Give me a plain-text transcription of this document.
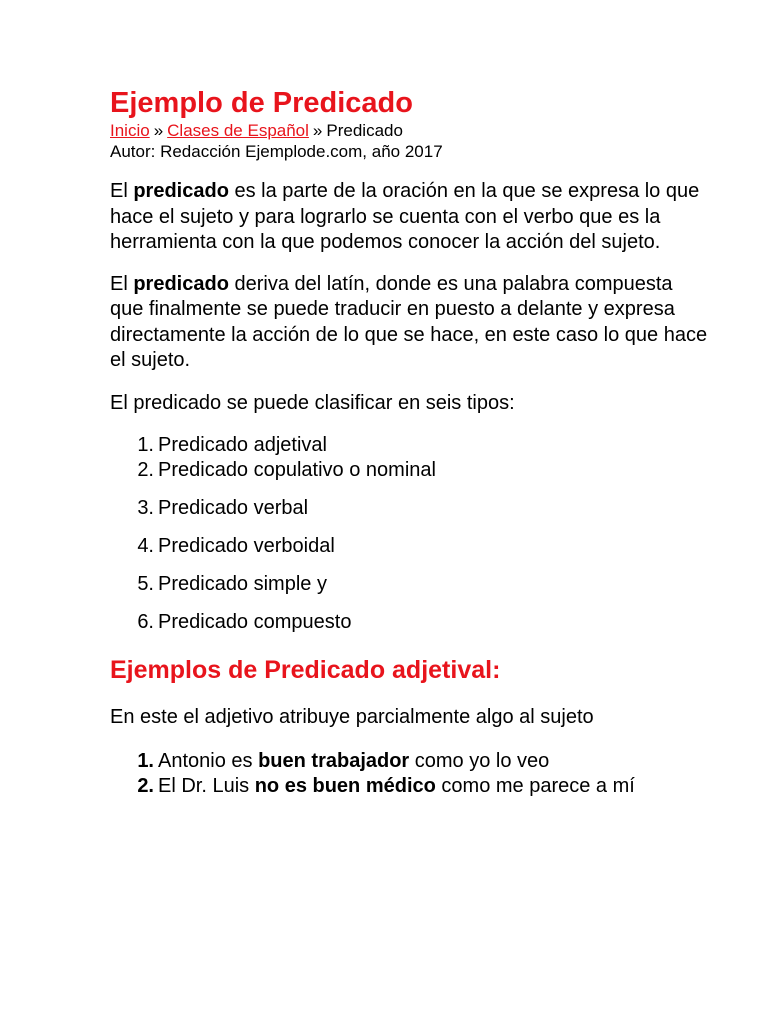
Ejemplo de Predicado
Inicio » Clases de Español » Predicado
Autor: Redacción Ejemplode.com, año 2017

El predicado es la parte de la oración en la que se expresa lo que hace el sujeto y para lograrlo se cuenta con el verbo que es la herramienta con la que podemos conocer la acción del sujeto.

El predicado deriva del latín, donde es una palabra compuesta que finalmente se puede traducir en puesto a delante y expresa directamente la acción de lo que se hace, en este caso lo que hace el sujeto.

El predicado se puede clasificar en seis tipos:

1. Predicado adjetival
2. Predicado copulativo o nominal
3. Predicado verbal
4. Predicado verboidal
5. Predicado simple y
6. Predicado compuesto
Ejemplos de Predicado adjetival:

En este el adjetivo atribuye parcialmente algo al sujeto

1. Antonio es buen trabajador como yo lo veo
2. El Dr. Luis no es buen médico como me parece a mí
